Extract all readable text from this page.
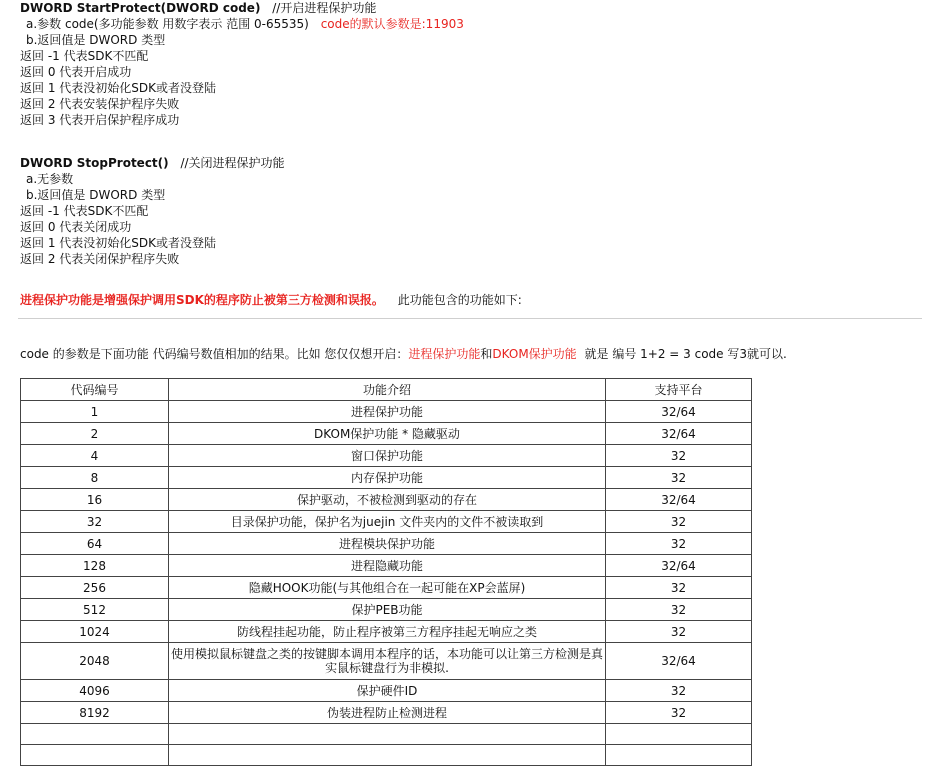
DWORD StartProtect(DWORD code) //开启进程保护功能
a.参数 code(多功能参数 用数字表示 范围 0-65535) code的默认参数是:11903
b.返回值是 DWORD 类型
返回 -1 代表SDK不匹配
返回 0 代表开启成功
返回 1 代表没初始化SDK或者没登陆
返回 2 代表安装保护程序失败
返回 3 代表开启保护程序成功
DWORD StopProtect() //关闭进程保护功能
a.无参数
b.返回值是 DWORD 类型
返回 -1 代表SDK不匹配
返回 0 代表关闭成功
返回 1 代表没初始化SDK或者没登陆
返回 2 代表关闭保护程序失败
进程保护功能是增强保护调用SDK的程序防止被第三方检测和误报。 此功能包含的功能如下:
code 的参数是下面功能 代码编号数值相加的结果。比如 您仅仅想开启：进程保护功能和DKOM保护功能 就是 编号 1+2 = 3 code 写3就可以.
代码编号	功能介绍	支持平台
1	进程保护功能	32/64
2	DKOM保护功能 * 隐藏驱动	32/64
4	窗口保护功能	32
8	内存保护功能	32
16	保护驱动，不被检测到驱动的存在	32/64
32	目录保护功能，保护名为juejin 文件夹内的文件不被读取到	32
64	进程模块保护功能	32
128	进程隐藏功能	32/64
256	隐藏HOOK功能(与其他组合在一起可能在XP会蓝屏)	32
512	保护PEB功能	32
1024	防线程挂起功能，防止程序被第三方程序挂起无响应之类	32
2048	使用模拟鼠标键盘之类的按键脚本调用本程序的话，本功能可以让第三方检测是真实鼠标键盘行为非模拟.	32/64
4096	保护硬件ID	32
8192	伪装进程防止检测进程	32
